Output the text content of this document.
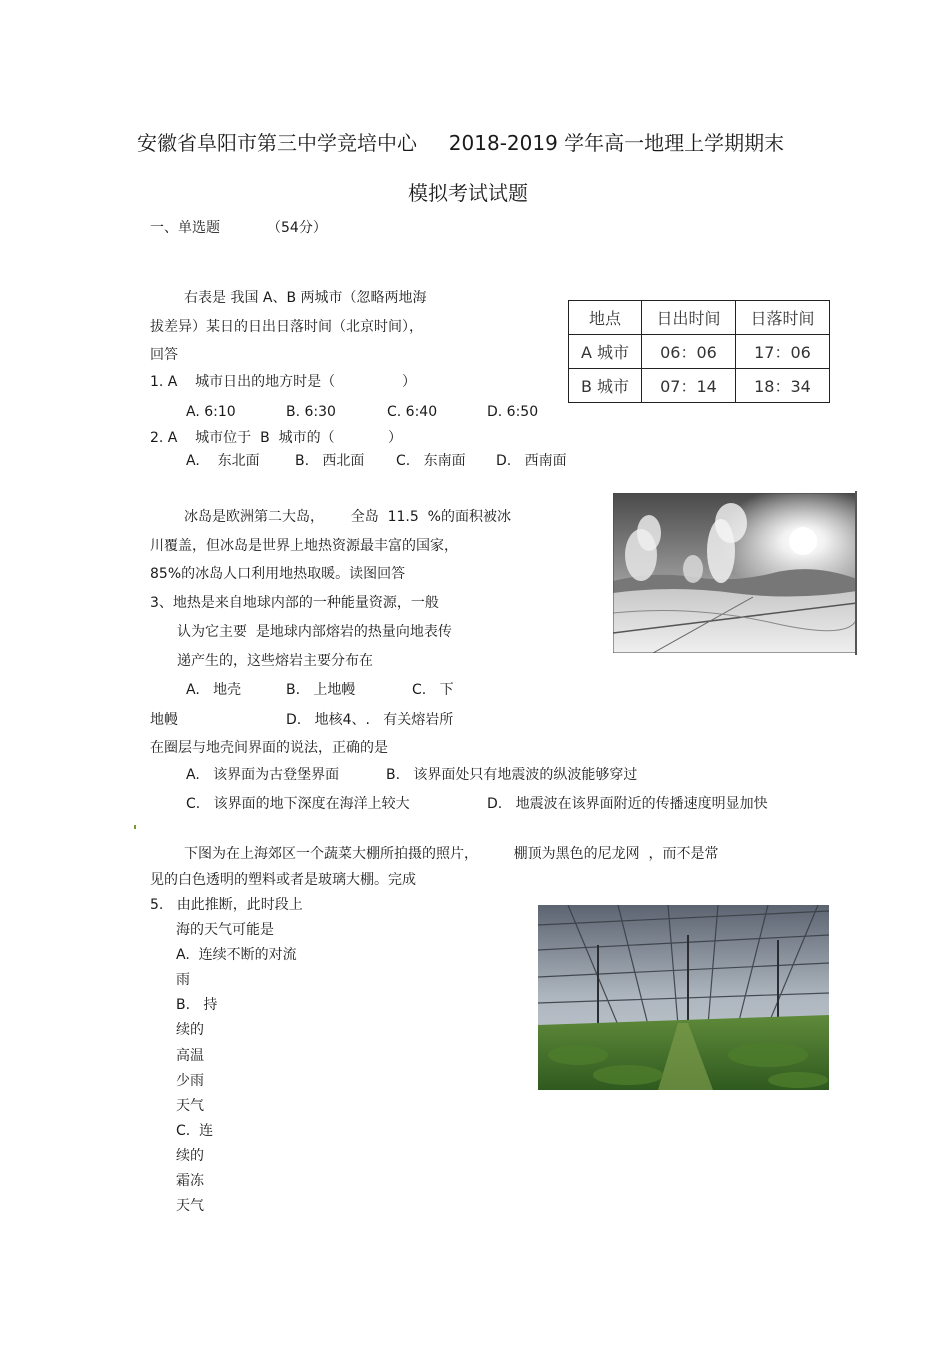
安徽省阜阳市第三中学竞培中心 2018-2019 学年高一地理上学期期末
模拟考试试题
一、单选题	（54分）
右表是 我国 A、B 两城市（忽略两地海
拔差异）某日的日出日落时间（北京时间），
回答
地点	日出时间	日落时间
A 城市	06：06	17：06
B 城市	07：14	18：34
1. A    城市日出的地方时是（               ）
A. 6:10	B. 6:30	C. 6:40	D. 6:50
2. A    城市位于  B  城市的（            ）
A.    东北面	B.   西北面 C.   东南面 D.   西南面
冰岛是欧洲第二大岛，      全岛  11.5  %的面积被冰
川覆盖，但冰岛是世界上地热资源最丰富的国家，
85%的冰岛人口利用地热取暖。读图回答
3、地热是来自地球内部的一种能量资源，一般
认为它主要  是地球内部熔岩的热量向地表传
递产生的，这些熔岩主要分布在
A.   地壳	B.   上地幔	C.   下
地幔	D.   地核4、.   有关熔岩所
在圈层与地壳间界面的说法，正确的是
A.   该界面为古登堡界面	B.   该界面处只有地震波的纵波能够穿过
C.   该界面的地下深度在海洋上较大	D.   地震波在该界面附近的传播速度明显加快
下图为在上海郊区一个蔬菜大棚所拍摄的照片，        棚顶为黑色的尼龙网  ，而不是常
见的白色透明的塑料或者是玻璃大棚。完成
5.   由此推断，此时段上
海的天气可能是
A.  连续不断的对流
雨
B.   持
续的
高温
少雨
天气
C.  连
续的
霜冻
天气
